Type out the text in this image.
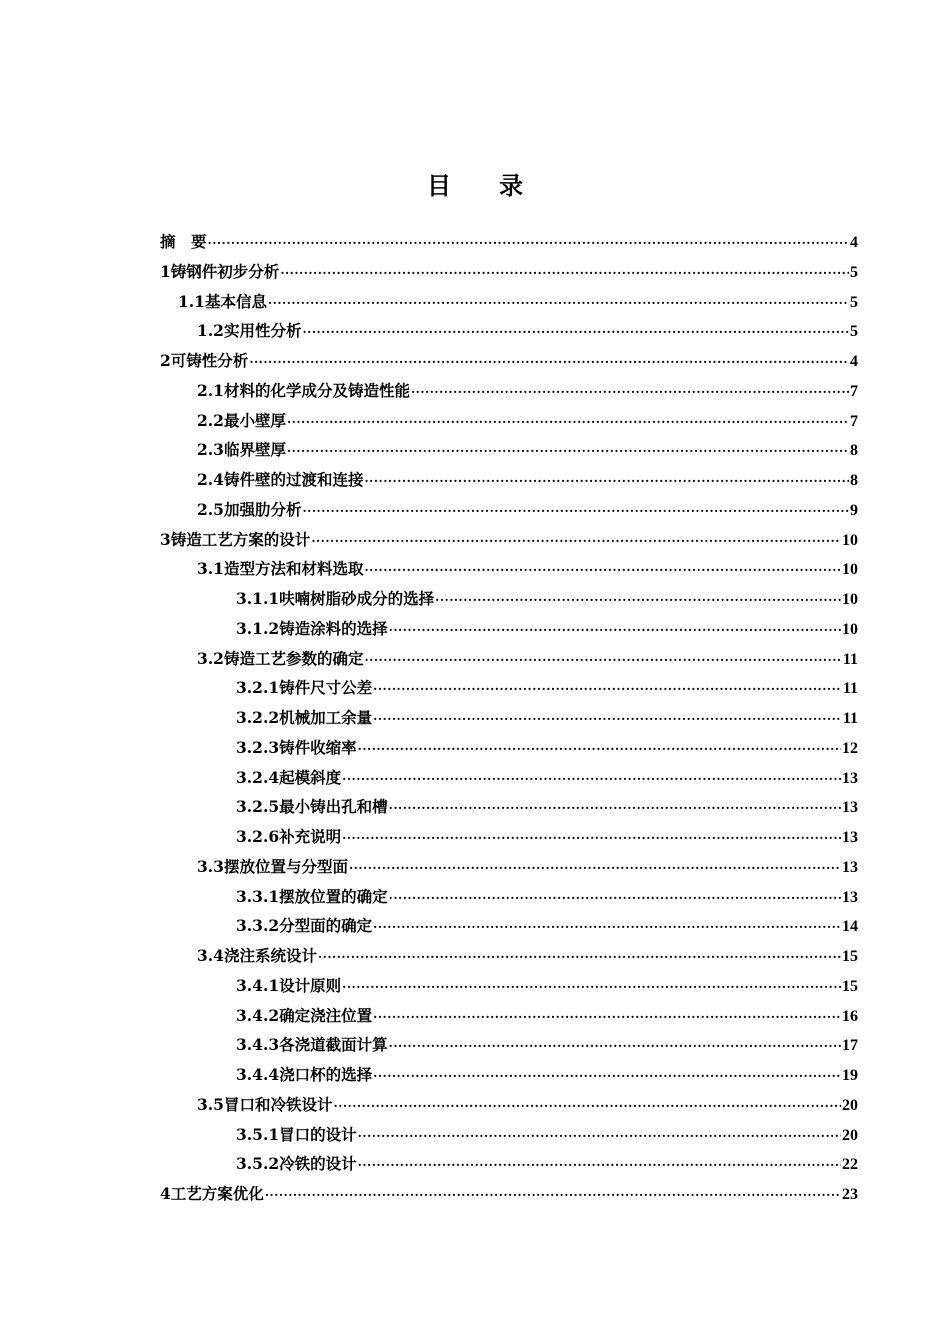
目 录
摘　要 ·····	4
1 铸钢件初步分析 ·····	5
1.1 基本信息 ·····	5
1.2 实用性分析 ·····	5
2 可铸性分析 ·····	4
2.1 材料的化学成分及铸造性能 ·····	7
2.2 最小壁厚 ·····	7
2.3 临界壁厚 ·····	8
2.4 铸件壁的过渡和连接 ·····	8
2.5 加强肋分析 ·····	9
3 铸造工艺方案的设计 ·····	10
3.1 造型方法和材料选取 ·····	10
3.1.1 呋喃树脂砂成分的选择 ·····	10
3.1.2 铸造涂料的选择 ·····	10
3.2 铸造工艺参数的确定 ·····	11
3.2.1 铸件尺寸公差 ·····	11
3.2.2 机械加工余量 ·····	11
3.2.3 铸件收缩率 ·····	12
3.2.4 起模斜度 ·····	13
3.2.5 最小铸出孔和槽 ·····	13
3.2.6 补充说明 ·····	13
3.3 摆放位置与分型面 ·····	13
3.3.1 摆放位置的确定 ·····	13
3.3.2 分型面的确定 ·····	14
3.4 浇注系统设计 ·····	15
3.4.1 设计原则 ·····	15
3.4.2 确定浇注位置 ·····	16
3.4.3 各浇道截面计算 ·····	17
3.4.4 浇口杯的选择 ·····	19
3.5 冒口和冷铁设计 ·····	20
3.5.1 冒口的设计 ·····	20
3.5.2 冷铁的设计 ·····	22
4 工艺方案优化 ·····	23
